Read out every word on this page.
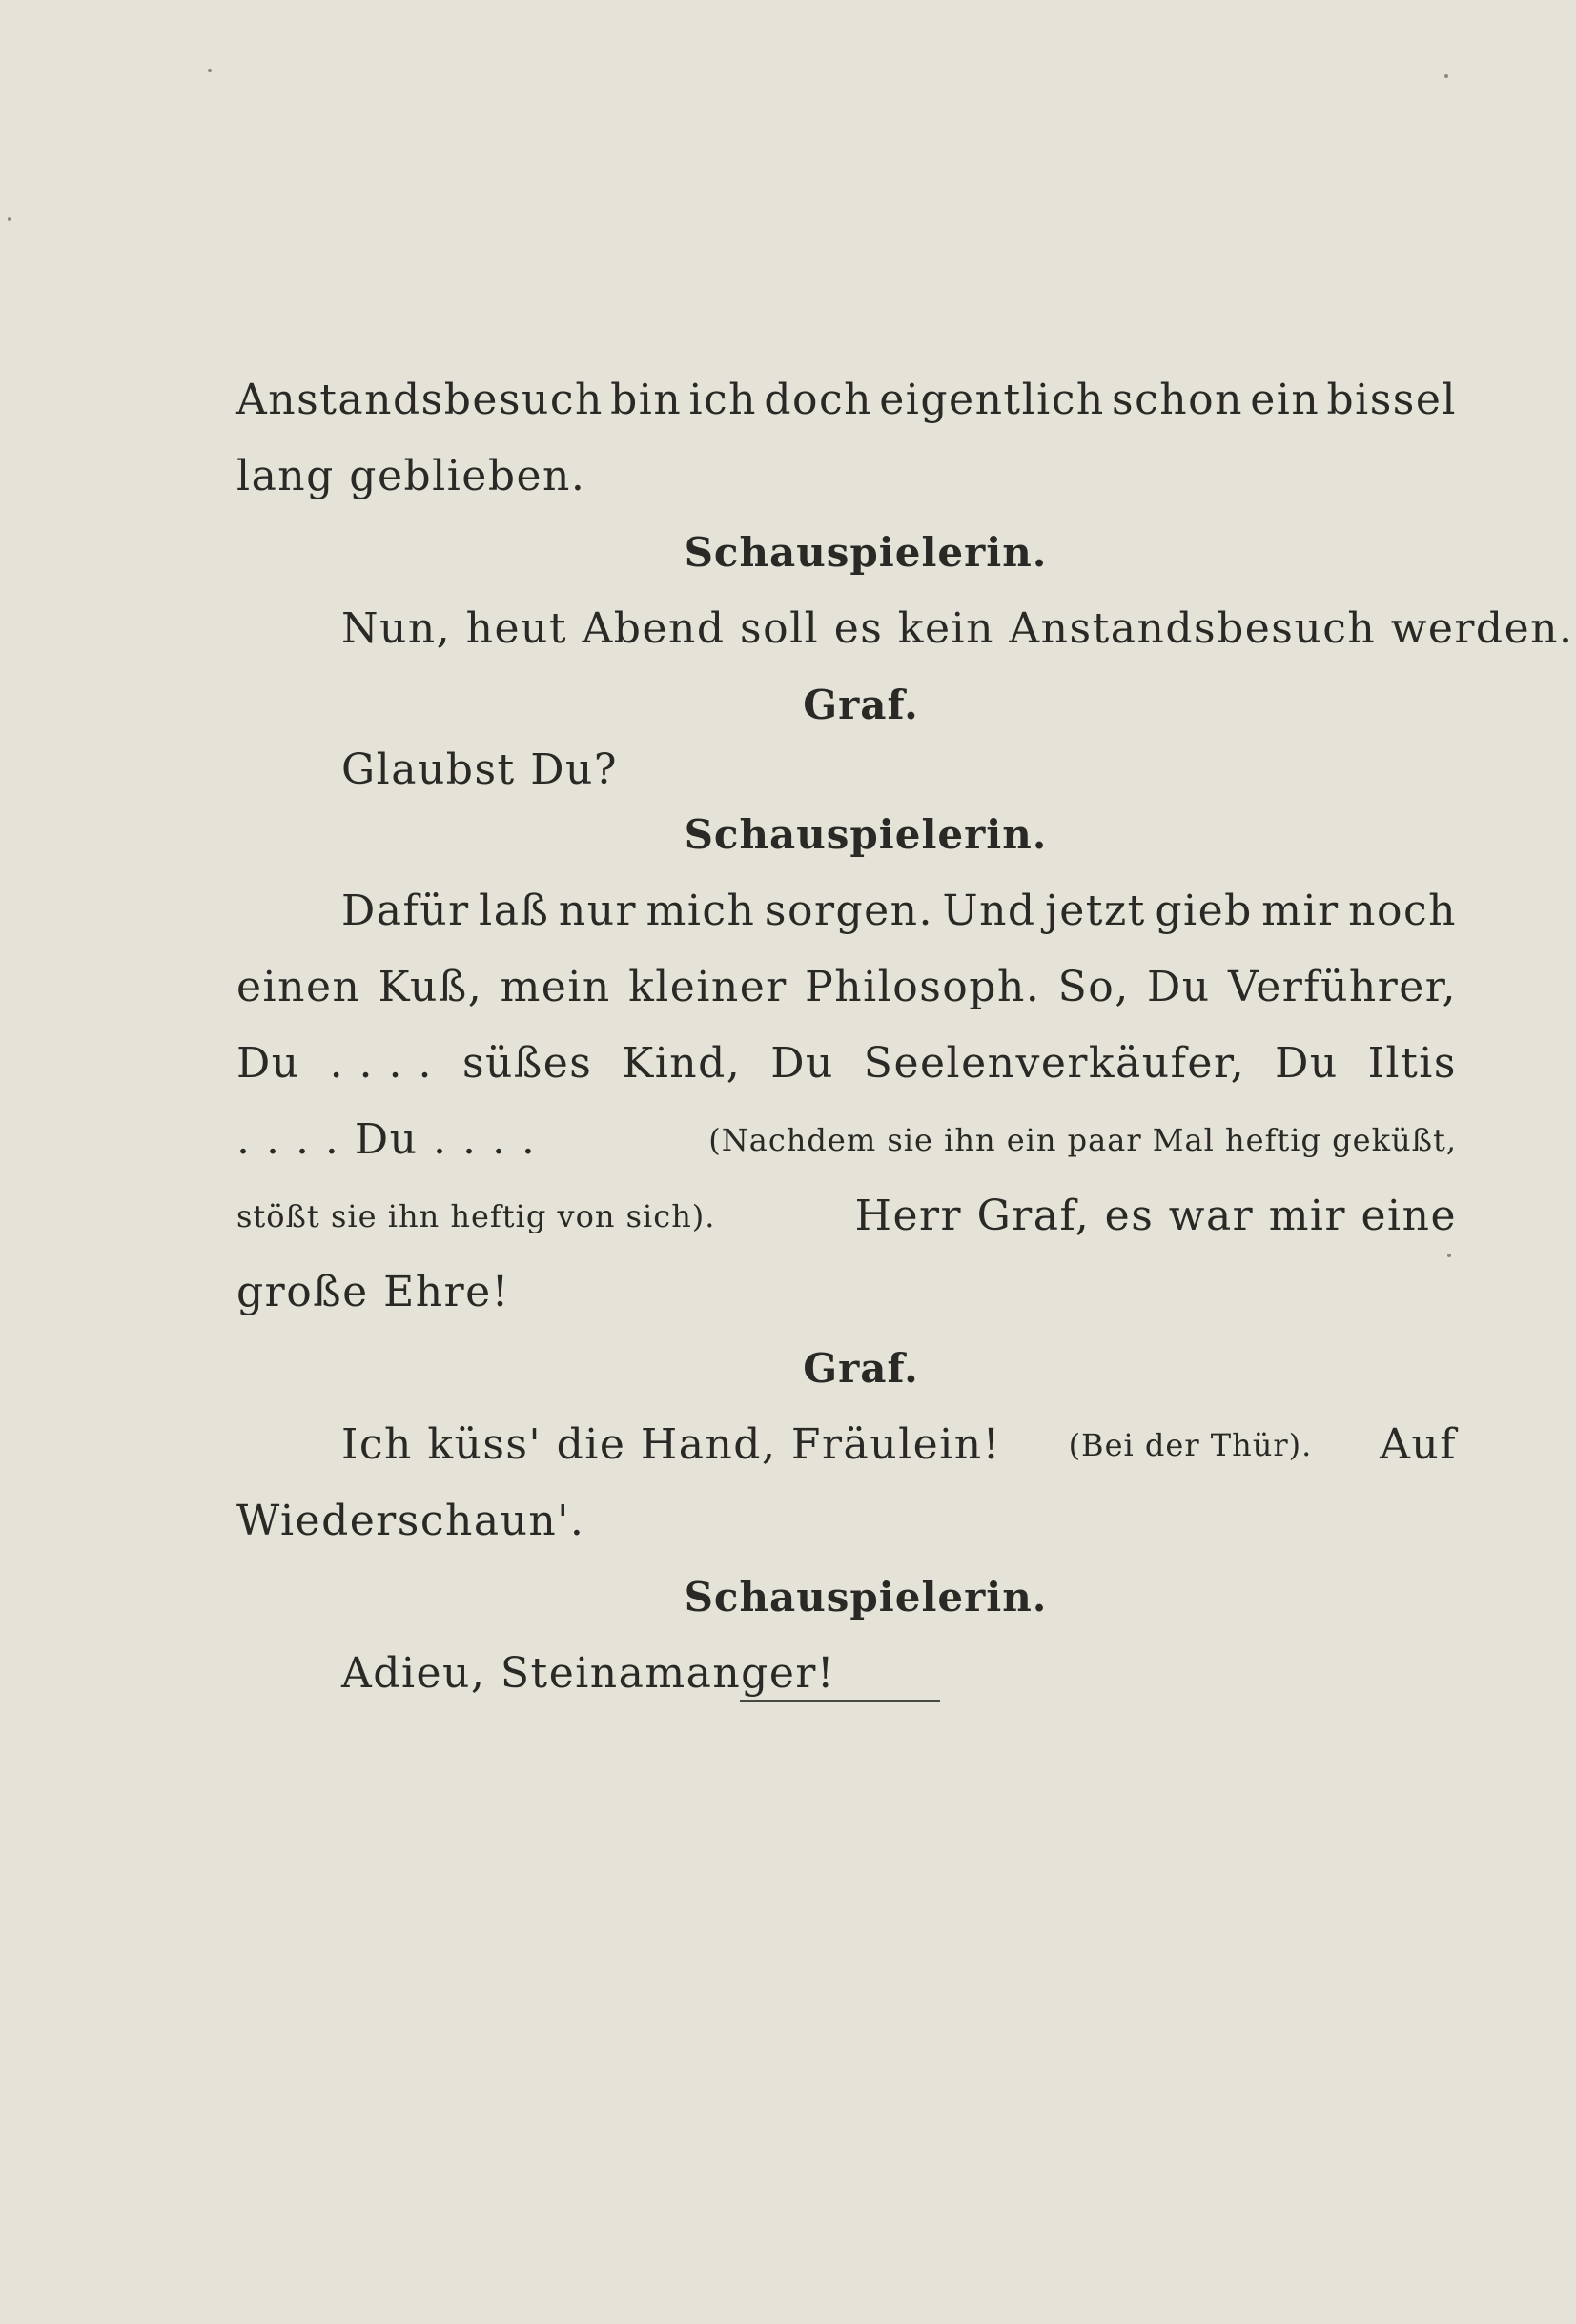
Anstandsbesuch bin ich doch eigentlich schon ein bissel
lang geblieben.
Schauspielerin.
Nun, heut Abend soll es kein Anstandsbesuch werden.
Graf.
Glaubst Du?
Schauspielerin.
Dafür laß nur mich sorgen. Und jetzt gieb mir noch
einen Kuß, mein kleiner Philosoph. So, Du Verführer,
Du . . . . süßes Kind, Du Seelenverkäufer, Du Iltis
. . . . Du . . . .	(Nachdem sie ihn ein paar Mal heftig geküßt,
stößt sie ihn heftig von sich).	Herr Graf, es war mir eine
große Ehre!
Graf.
Ich küss' die Hand, Fräulein! (Bei der Thür). Auf
Wiederschaun'.
Schauspielerin.
Adieu, Steinamanger!
